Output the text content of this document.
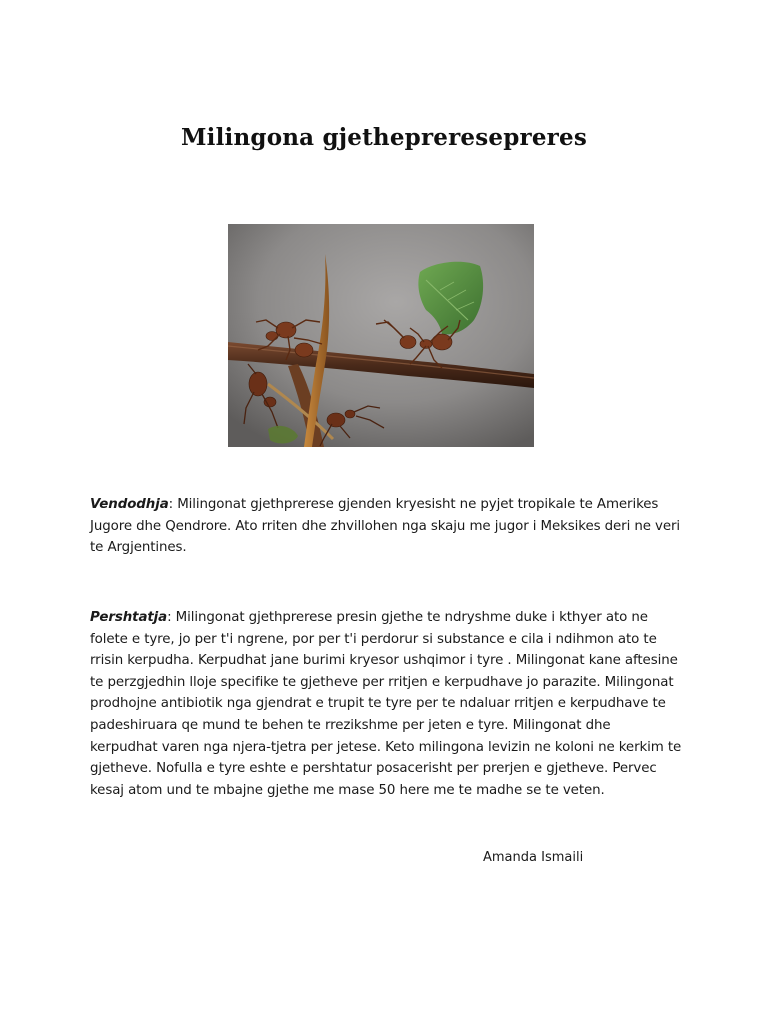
Milingona gjethepreresepreres
Vendodhja: Milingonat gjethprerese gjenden kryesisht ne pyjet tropikale te Amerikes Jugore dhe Qendrore. Ato rriten dhe zhvillohen nga skaju me jugor i Meksikes deri ne veri te Argjentines.
Pershtatja: Milingonat gjethprerese presin gjethe te ndryshme duke i kthyer ato ne folete e tyre, jo per t'i ngrene, por per t'i perdorur si substance e cila i ndihmon ato te rrisin kerpudha. Kerpudhat jane burimi kryesor ushqimor i tyre . Milingonat kane aftesine te perzgjedhin lloje specifike te gjetheve per rritjen e kerpudhave jo parazite. Milingonat prodhojne antibiotik nga gjendrat e trupit te tyre per te ndaluar rritjen e kerpudhave te padeshiruara qe mund te behen te rrezikshme per jeten e tyre. Milingonat dhe kerpudhat varen nga njera-tjetra per jetese. Keto milingona levizin ne koloni ne kerkim te gjetheve. Nofulla e tyre eshte e pershtatur posacerisht per prerjen e gjetheve. Pervec kesaj atom und te mbajne gjethe me mase 50 here me te madhe se te veten.
Amanda Ismaili
